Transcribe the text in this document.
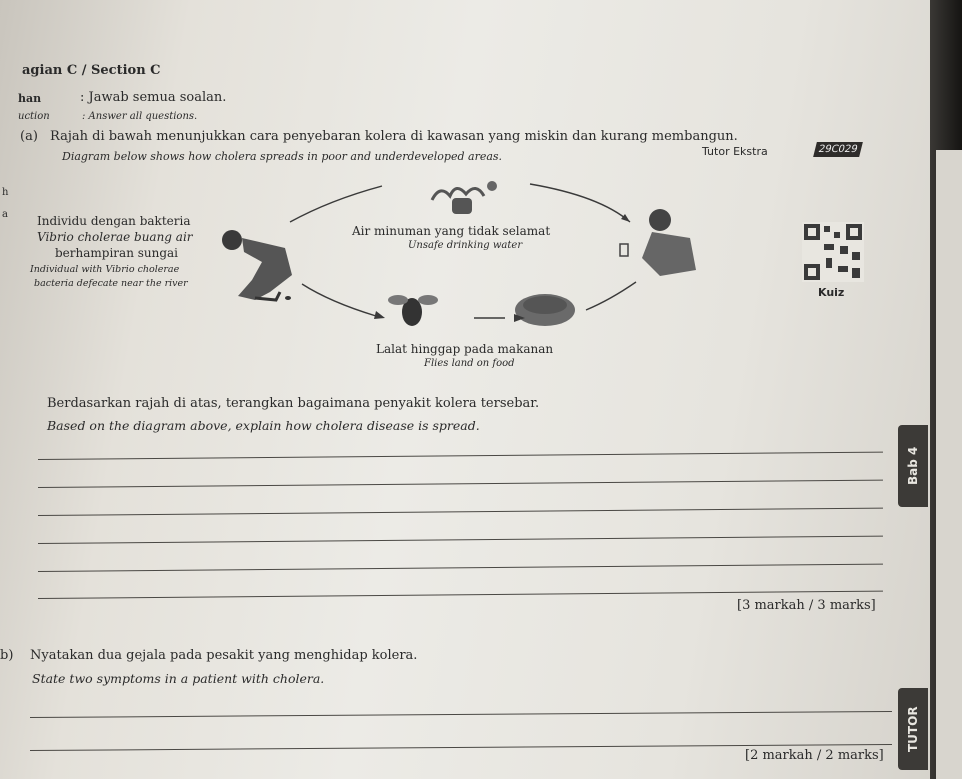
agian C / Section C
han	: Jawab semua soalan.
uction	: Answer all questions.
(a) Rajah di bawah menunjukkan cara penyebaran kolera di kawasan yang miskin dan kurang membangun.
Diagram below shows how cholera spreads in poor and underdeveloped areas.	Tutor Ekstra	29C029
h
a Individu dengan bakteria
Vibrio cholerae buang air
berhampiran sungai
Individual with Vibrio cholerae
bacteria defecate near the river
Air minuman yang tidak selamat
Unsafe drinking water
Lalat hinggap pada makanan
Flies land on food
Kuiz
Berdasarkan rajah di atas, terangkan bagaimana penyakit kolera tersebar.
Based on the diagram above, explain how cholera disease is spread.
[3 markah / 3 marks]
b) Nyatakan dua gejala pada pesakit yang menghidap kolera.
State two symptoms in a patient with cholera.
[2 markah / 2 marks]
Bab 4
TUTOR
